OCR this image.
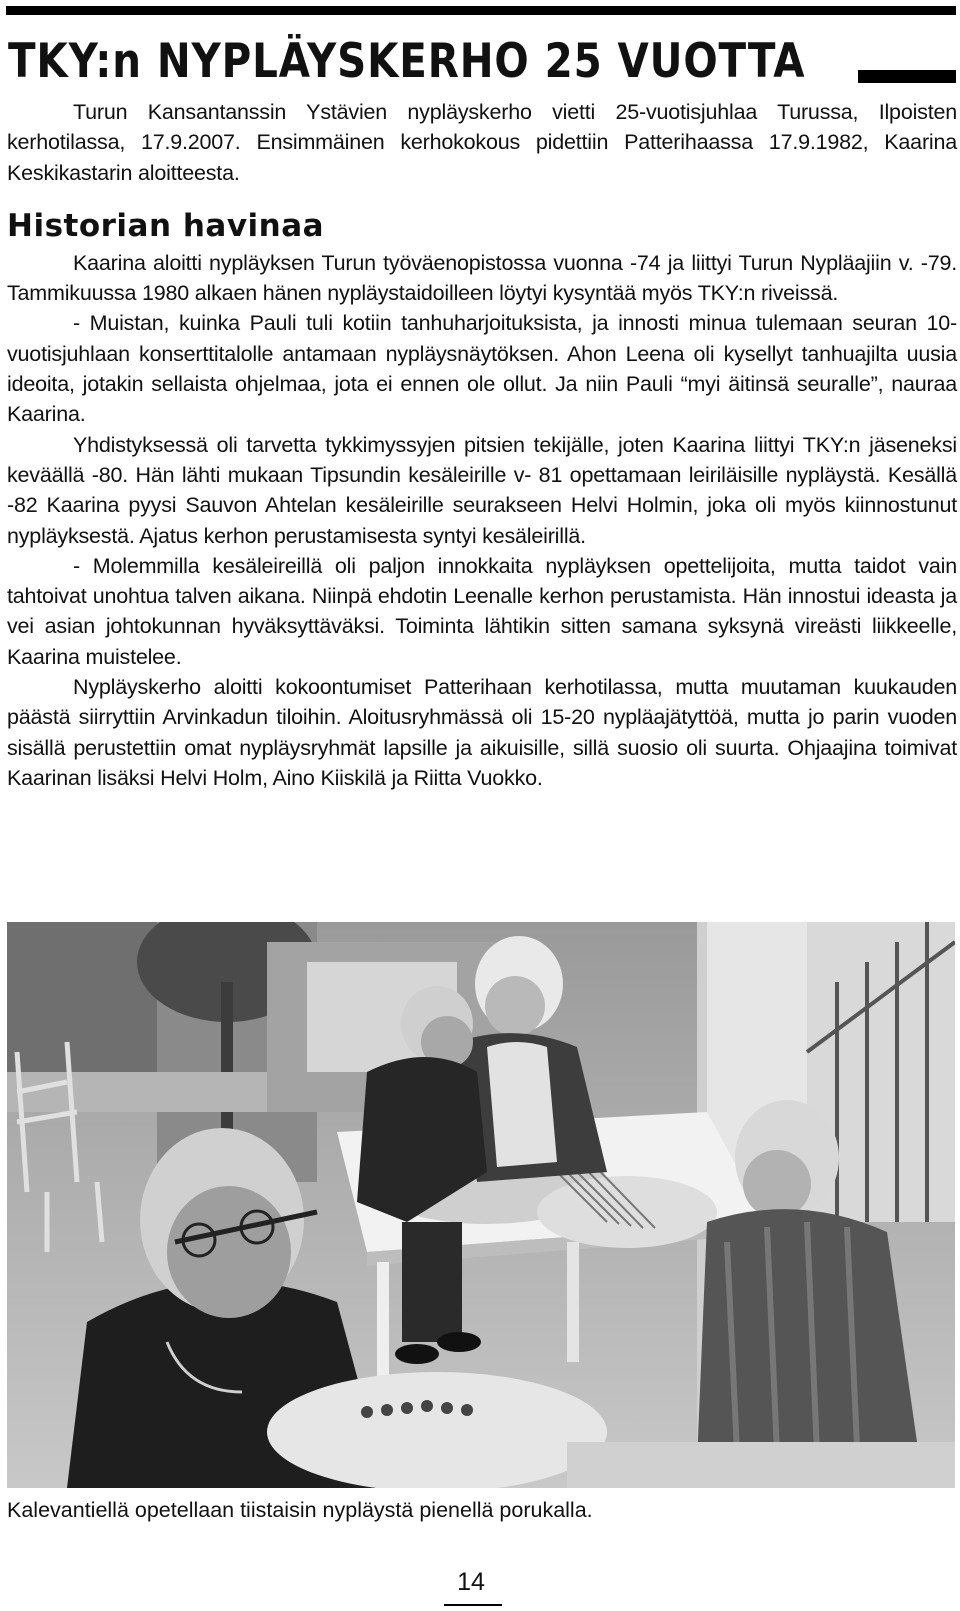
TKY:n NYPLÄYSKERHO 25 VUOTTA

Turun Kansantanssin Ystävien nypläyskerho vietti 25-vuotisjuhlaa Turussa, Ilpoisten kerhotilassa, 17.9.2007. Ensimmäinen kerhokokous pidettiin Patterihaassa 17.9.1982, Kaarina Keskikastarin aloitteesta.

Historian havinaa

Kaarina aloitti nypläyksen Turun työväenopistossa vuonna -74 ja liittyi Turun Nypläajiin v. -79. Tammikuussa 1980 alkaen hänen nypläystaidoilleen löytyi kysyntää myös TKY:n riveissä.

- Muistan, kuinka Pauli tuli kotiin tanhuharjoituksista, ja innosti minua tulemaan seuran 10-vuotisjuhlaan konserttitalolle antamaan nypläysnäytöksen. Ahon Leena oli kysellyt tanhuajilta uusia ideoita, jotakin sellaista ohjelmaa, jota ei ennen ole ollut. Ja niin Pauli “myi äitinsä seuralle”, nauraa Kaarina.

Yhdistyksessä oli tarvetta tykkimyssyjen pitsien tekijälle, joten Kaarina liittyi TKY:n jäseneksi keväällä -80. Hän lähti mukaan Tipsundin kesäleirille v- 81 opettamaan leiriläisille nypläystä. Kesällä -82 Kaarina pyysi Sauvon Ahtelan kesäleirille seurakseen Helvi Holmin, joka oli myös kiinnostunut nypläyksestä. Ajatus kerhon perustamisesta syntyi kesäleirillä.

- Molemmilla kesäleireillä oli paljon innokkaita nypläyksen opettelijoita, mutta taidot vain tahtoivat unohtua talven aikana. Niinpä ehdotin Leenalle kerhon perustamista. Hän innostui ideasta ja vei asian johtokunnan hyväksyttäväksi. Toiminta lähtikin sitten samana syksynä vireästi liikkeelle, Kaarina muistelee.

Nypläyskerho aloitti kokoontumiset Patterihaan kerhotilassa, mutta muutaman kuukauden päästä siirryttiin Arvinkadun tiloihin. Aloitusryhmässä oli 15-20 nypläajätyttöä, mutta jo parin vuoden sisällä perustettiin omat nypläysryhmät lapsille ja aikuisille, sillä suosio oli suurta. Ohjaajina toimivat Kaarinan lisäksi Helvi Holm, Aino Kiiskilä ja Riitta Vuokko.

Kalevantiellä opetellaan tiistaisin nypläystä pienellä porukalla.

14
